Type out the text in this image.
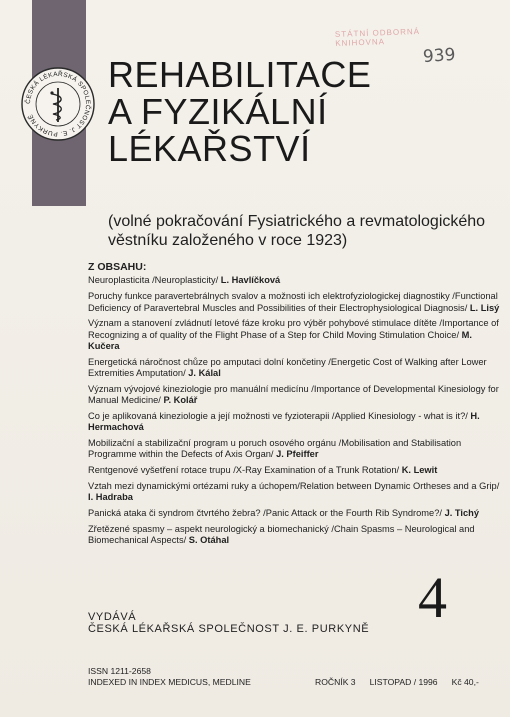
ČESKÁ LÉKAŘSKÁ SPOLEČNOST J. E. PURKYNĚ
STÁTNÍ ODBORNÁ KNIHOVNA
939
REHABILITACE
A FYZIKÁLNÍ
LÉKAŘSTVÍ

(volné pokračování Fysiatrického a revmatologického věstníku založeného v roce 1923)

Z OBSAHU:
Neuroplasticita /Neuroplasticity/ L. Havlíčková
Poruchy funkce paravertebrálnych svalov a možnosti ich elektrofyziologickej diagnostiky /Functional Deficiency of Paravertebral Muscles and Possibilities of their Electrophysiological Diagnosis/ L. Lisý
Význam a stanovení zvládnutí letové fáze kroku pro výběr pohybové stimulace dítěte /Importance of Recognizing a of quality of the Flight Phase of a Step for Child Moving Stimulation Choice/ M. Kučera
Energetická náročnost chůze po amputaci dolní končetiny /Energetic Cost of Walking after Lower Extremities Amputation/ J. Kálal
Význam vývojové kineziologie pro manuální medicínu /Importance of Developmental Kinesiology for Manual Medicine/ P. Kolář
Co je aplikovaná kineziologie a její možnosti ve fyzioterapii /Applied Kinesiology - what is it?/ H. Hermachová
Mobilizační a stabilizační program u poruch osového orgánu /Mobilisation and Stabilisation Programme within the Defects of Axis Organ/ J. Pfeiffer
Rentgenové vyšetření rotace trupu /X-Ray Examination of a Trunk Rotation/ K. Lewit
Vztah mezi dynamickými ortézami ruky a úchopem/Relation between Dynamic Ortheses and a Grip/ I. Hadraba
Panická ataka či syndrom čtvrtého žebra? /Panic Attack or the Fourth Rib Syndrome?/ J. Tichý
Zřetězené spasmy – aspekt neurologický a biomechanický /Chain Spasms – Neurological and Biomechanical Aspects/ S. Otáhal
VYDÁVÁ
ČESKÁ LÉKAŘSKÁ SPOLEČNOST J. E. PURKYNĚ 4
ISSN 1211-2658
INDEXED IN INDEX MEDICUS, MEDLINE	ROČNÍK 3 LISTOPAD / 1996 Kč 40,-
